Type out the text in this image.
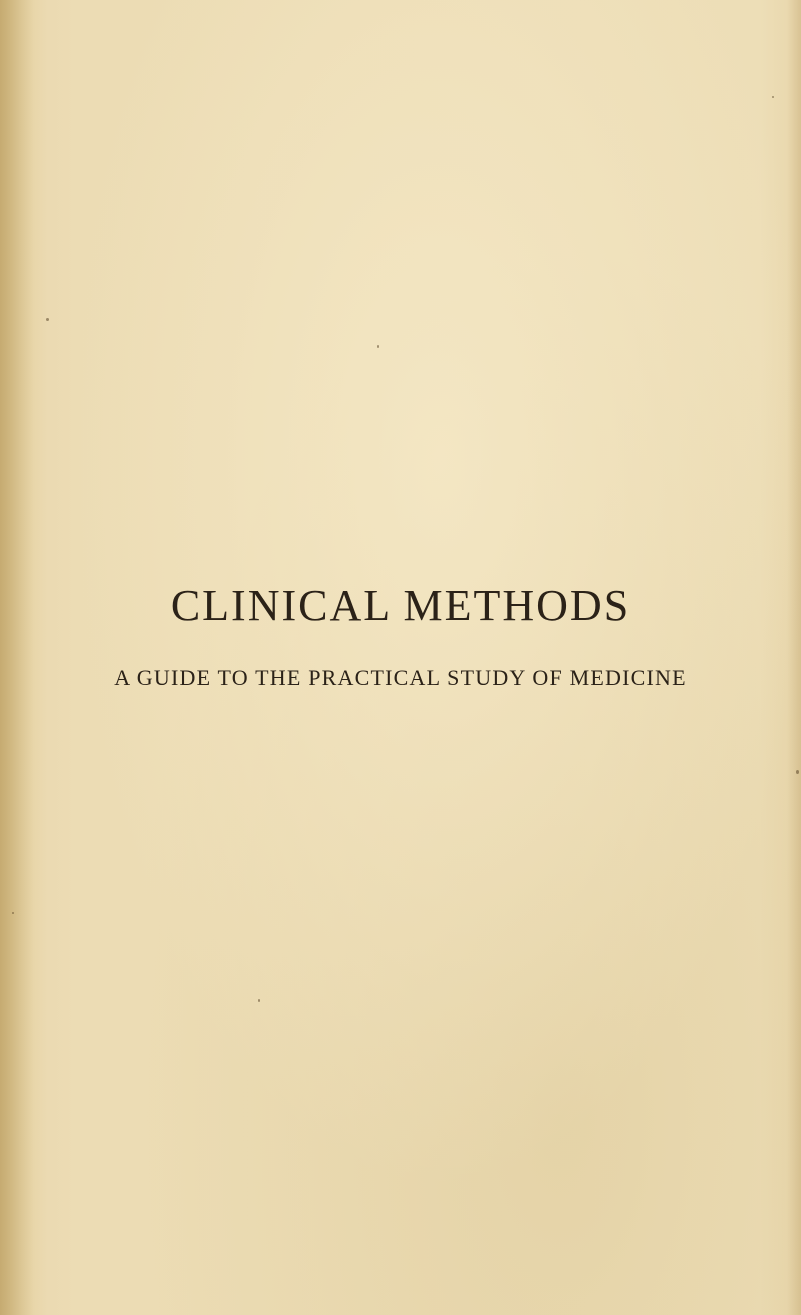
CLINICAL METHODS
A GUIDE TO THE PRACTICAL STUDY OF MEDICINE
